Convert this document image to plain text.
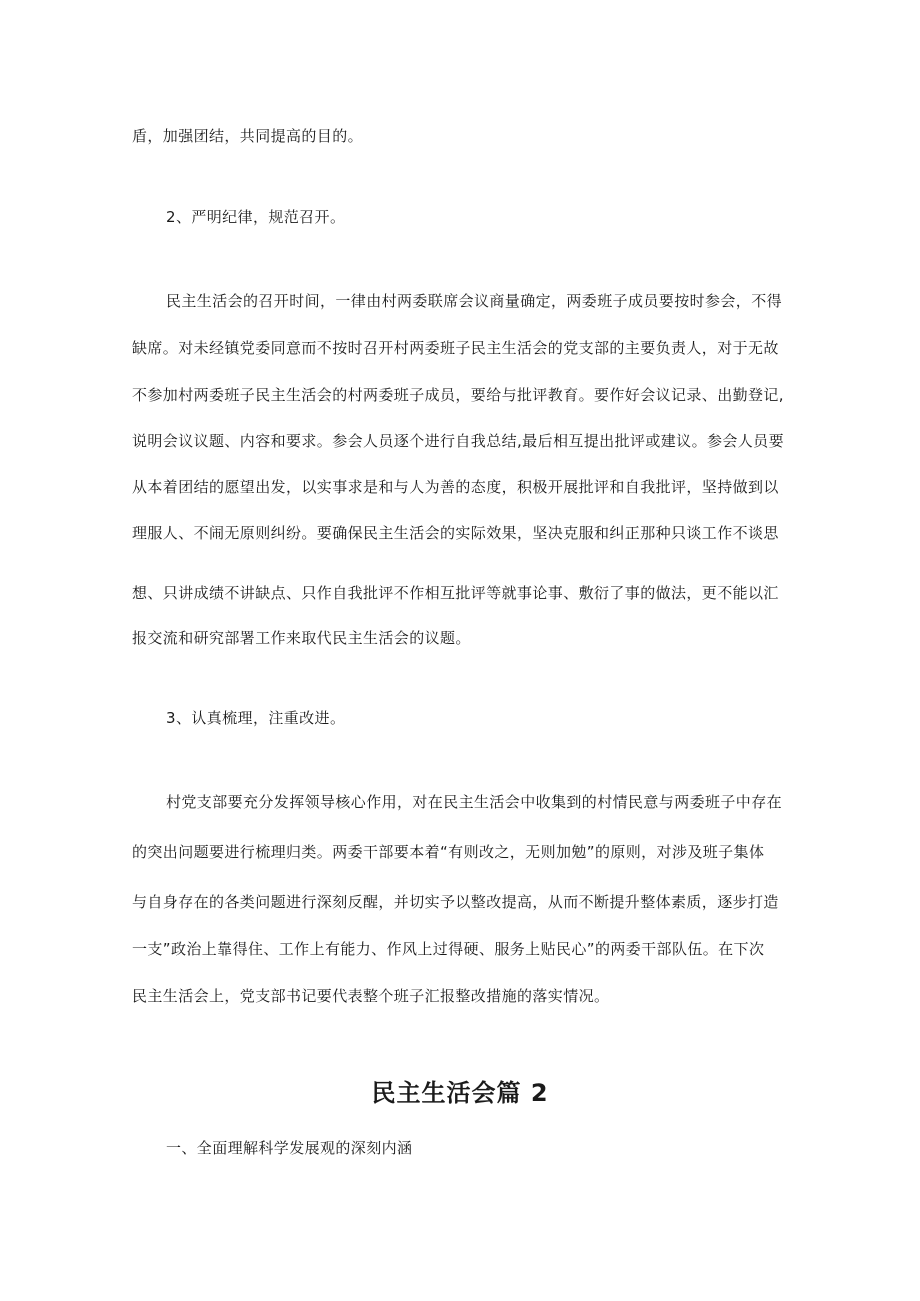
盾，加强团结，共同提高的目的。
2、严明纪律，规范召开。
民主生活会的召开时间，一律由村两委联席会议商量确定，两委班子成员要按时参会，不得
缺席。对未经镇党委同意而不按时召开村两委班子民主生活会的党支部的主要负责人，对于无故
不参加村两委班子民主生活会的村两委班子成员，要给与批评教育。要作好会议记录、出勤登记,
说明会议议题、内容和要求。参会人员逐个进行自我总结,最后相互提出批评或建议。参会人员要
从本着团结的愿望出发，以实事求是和与人为善的态度，积极开展批评和自我批评，坚持做到以
理服人、不闹无原则纠纷。要确保民主生活会的实际效果，坚决克服和纠正那种只谈工作不谈思
想、只讲成绩不讲缺点、只作自我批评不作相互批评等就事论事、敷衍了事的做法，更不能以汇
报交流和研究部署工作来取代民主生活会的议题。
3、认真梳理，注重改进。
村党支部要充分发挥领导核心作用，对在民主生活会中收集到的村情民意与两委班子中存在
的突出问题要进行梳理归类。两委干部要本着“有则改之，无则加勉”的原则，对涉及班子集体
与自身存在的各类问题进行深刻反醒，并切实予以整改提高，从而不断提升整体素质，逐步打造
一支”政治上靠得住、工作上有能力、作风上过得硬、服务上贴民心”的两委干部队伍。在下次
民主生活会上，党支部书记要代表整个班子汇报整改措施的落实情况。
民主生活会篇 2
一、全面理解科学发展观的深刻内涵
